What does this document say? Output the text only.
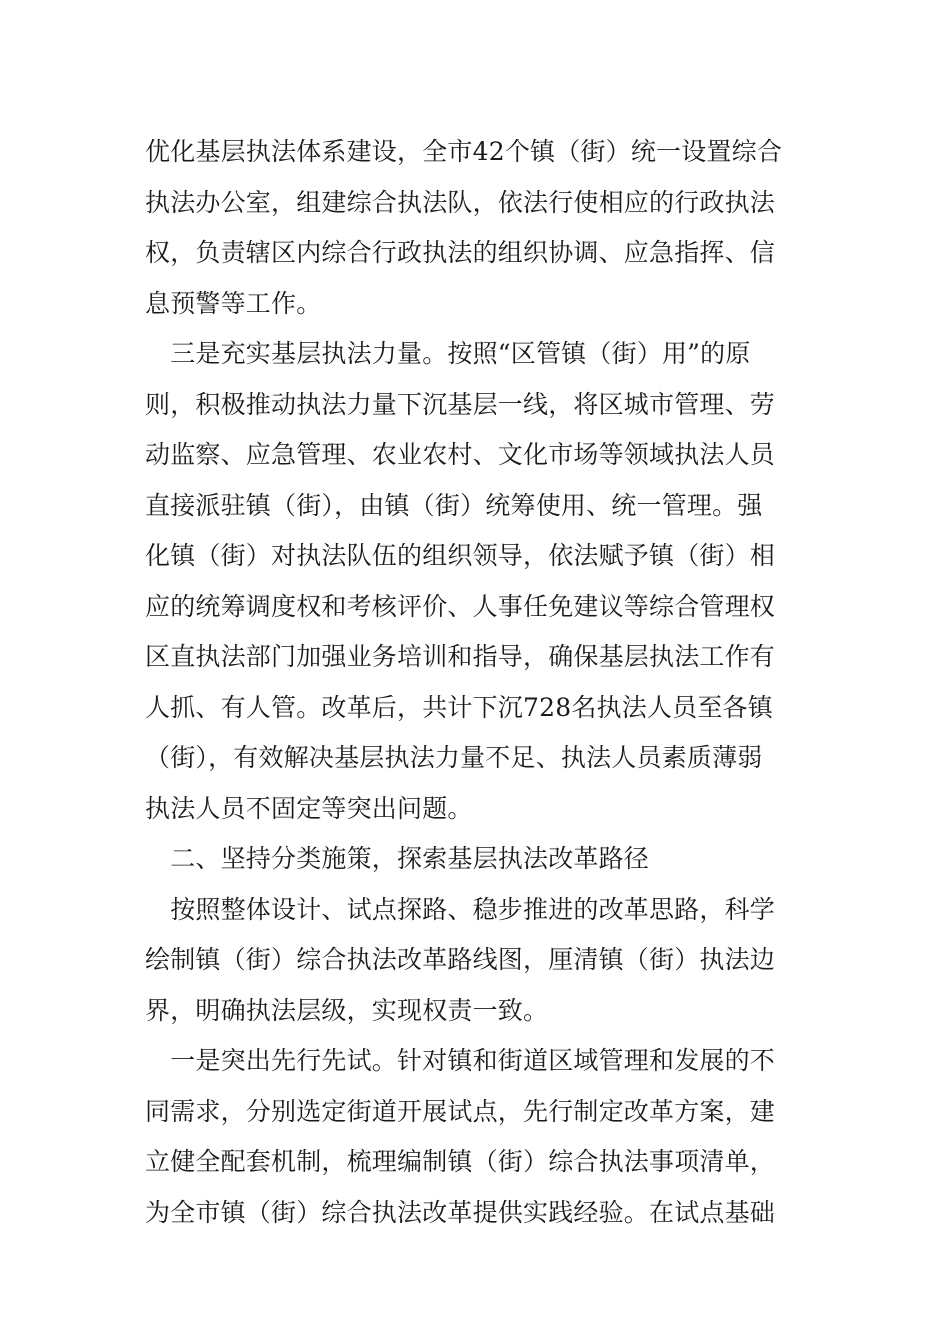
优化基层执法体系建设，全市42个镇（街）统一设置综合
执法办公室，组建综合执法队，依法行使相应的行政执法
权，负责辖区内综合行政执法的组织协调、应急指挥、信
息预警等工作。
　三是充实基层执法力量。按照“区管镇（街）用”的原
则，积极推动执法力量下沉基层一线，将区城市管理、劳
动监察、应急管理、农业农村、文化市场等领域执法人员
直接派驻镇（街），由镇（街）统筹使用、统一管理。强
化镇（街）对执法队伍的组织领导，依法赋予镇（街）相
应的统筹调度权和考核评价、人事任免建议等综合管理权
区直执法部门加强业务培训和指导，确保基层执法工作有
人抓、有人管。改革后，共计下沉728名执法人员至各镇
（街），有效解决基层执法力量不足、执法人员素质薄弱
执法人员不固定等突出问题。
　二、坚持分类施策，探索基层执法改革路径
　按照整体设计、试点探路、稳步推进的改革思路，科学
绘制镇（街）综合执法改革路线图，厘清镇（街）执法边
界，明确执法层级，实现权责一致。
　一是突出先行先试。针对镇和街道区域管理和发展的不
同需求，分别选定街道开展试点，先行制定改革方案，建
立健全配套机制，梳理编制镇（街）综合执法事项清单，
为全市镇（街）综合执法改革提供实践经验。在试点基础
